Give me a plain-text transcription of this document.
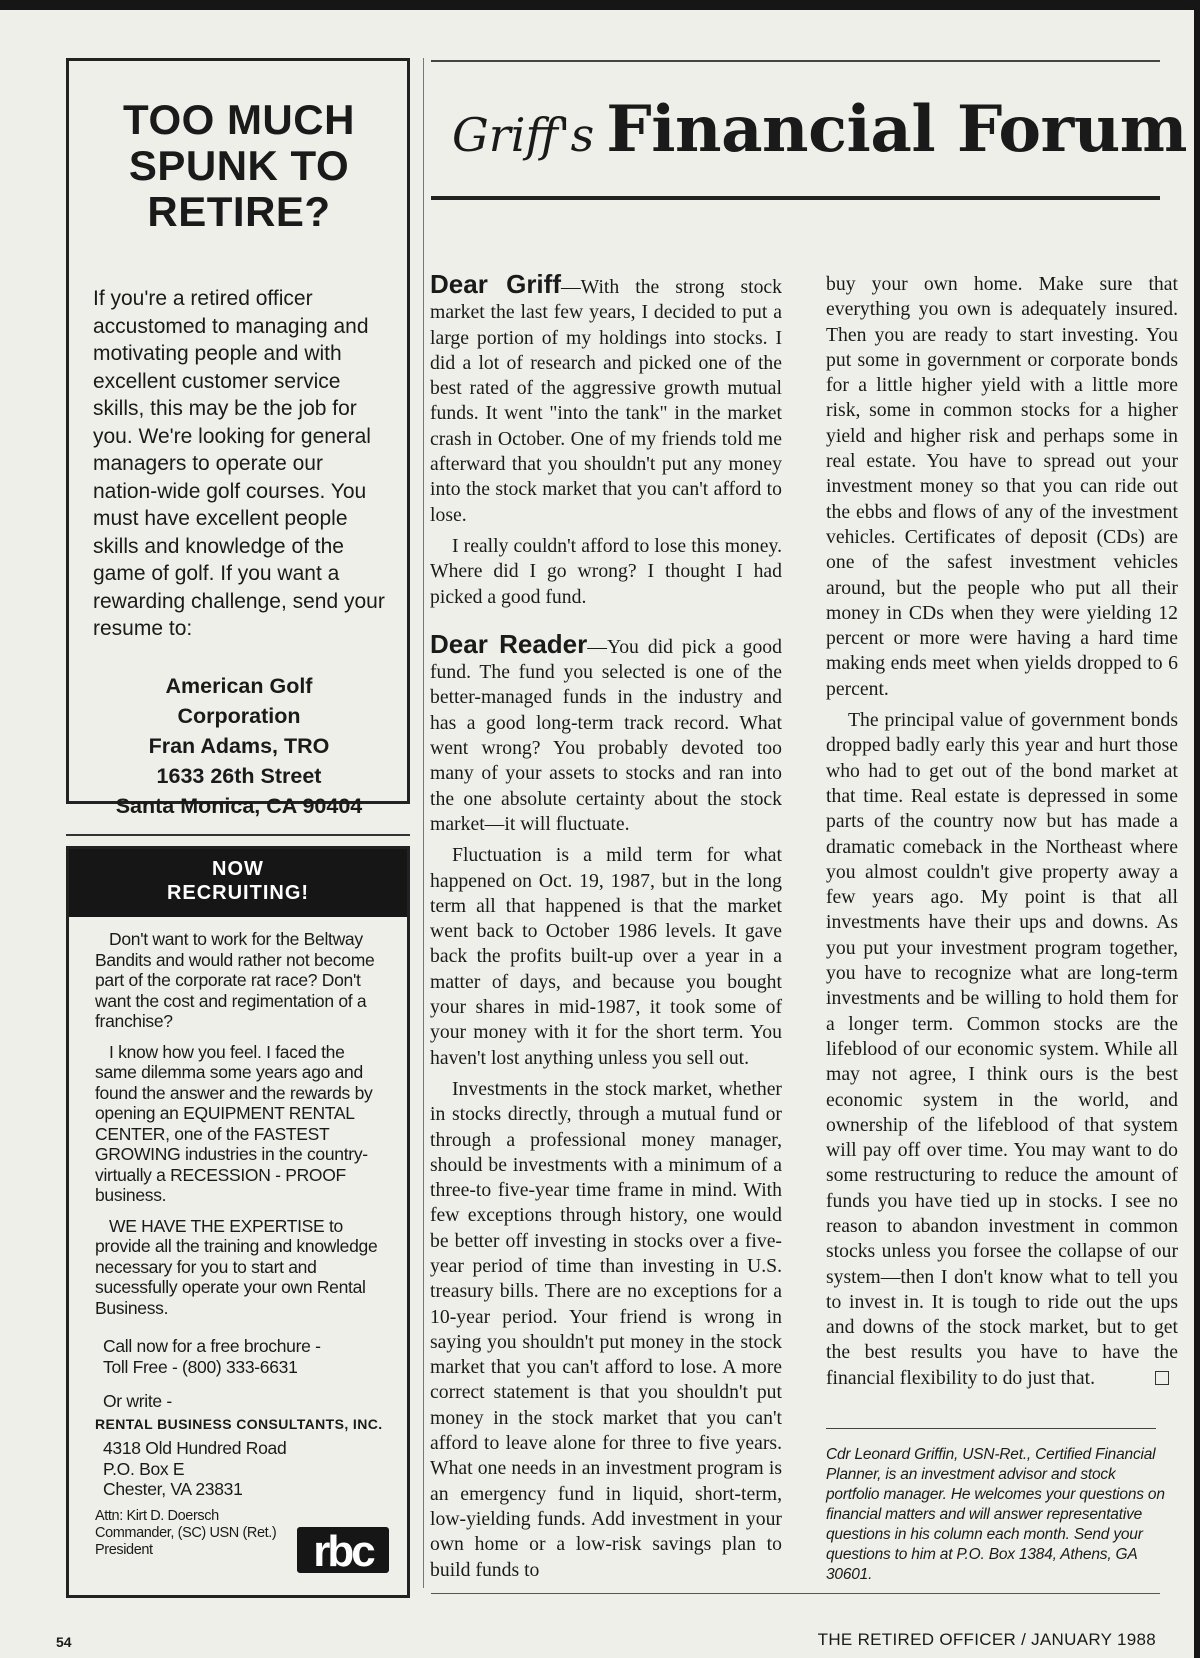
TOO MUCH
SPUNK TO
RETIRE?
If you're a retired officer accustomed to managing and motivating people and with excellent customer service skills, this may be the job for you. We're looking for general managers to operate our nation-wide golf courses. You must have excellent people skills and knowledge of the game of golf. If you want a rewarding challenge, send your resume to:
American Golf
Corporation
Fran Adams, TRO
1633 26th Street
Santa Monica, CA 90404
NOW
RECRUITING!

Don't want to work for the Beltway Bandits and would rather not become part of the corporate rat race? Don't want the cost and regimentation of a franchise?

I know how you feel. I faced the same dilemma some years ago and found the answer and the rewards by opening an EQUIPMENT RENTAL CENTER, one of the FASTEST GROWING industries in the country-virtually a RECESSION - PROOF business.

WE HAVE THE EXPERTISE to provide all the training and knowledge necessary for you to start and sucessfully operate your own Rental Business.

Call now for a free brochure -
Toll Free - (800) 333-6631
Or write -
RENTAL BUSINESS CONSULTANTS, INC.
4318 Old Hundred Road
P.O. Box E
Chester, VA 23831
Attn: Kirt D. Doersch
Commander, (SC) USN (Ret.)
President	rbc
Griff's Financial Forum

Dear Griff—With the strong stock market the last few years, I decided to put a large portion of my holdings into stocks. I did a lot of research and picked one of the best rated of the aggressive growth mutual funds. It went "into the tank" in the market crash in October. One of my friends told me afterward that you shouldn't put any money into the stock market that you can't afford to lose.

I really couldn't afford to lose this money. Where did I go wrong? I thought I had picked a good fund.

Dear Reader—You did pick a good fund. The fund you selected is one of the better-managed funds in the industry and has a good long-term track record. What went wrong? You probably devoted too many of your assets to stocks and ran into the one absolute certainty about the stock market—it will fluctuate.

Fluctuation is a mild term for what happened on Oct. 19, 1987, but in the long term all that happened is that the market went back to October 1986 levels. It gave back the profits built-up over a year in a matter of days, and because you bought your shares in mid-1987, it took some of your money with it for the short term. You haven't lost anything unless you sell out.

Investments in the stock market, whether in stocks directly, through a mutual fund or through a professional money manager, should be investments with a minimum of a three-to five-year time frame in mind. With few exceptions through history, one would be better off investing in stocks over a five-year period of time than investing in U.S. treasury bills. There are no exceptions for a 10-year period. Your friend is wrong in saying you shouldn't put money in the stock market that you can't afford to lose. A more correct statement is that you shouldn't put money in the stock market that you can't afford to leave alone for three to five years. What one needs in an investment program is an emergency fund in liquid, short-term, low-yielding funds. Add investment in your own home or a low-risk savings plan to build funds to

buy your own home. Make sure that everything you own is adequately insured. Then you are ready to start investing. You put some in government or corporate bonds for a little higher yield with a little more risk, some in common stocks for a higher yield and higher risk and perhaps some in real estate. You have to spread out your investment money so that you can ride out the ebbs and flows of any of the investment vehicles. Certificates of deposit (CDs) are one of the safest investment vehicles around, but the people who put all their money in CDs when they were yielding 12 percent or more were having a hard time making ends meet when yields dropped to 6 percent.

The principal value of government bonds dropped badly early this year and hurt those who had to get out of the bond market at that time. Real estate is depressed in some parts of the country now but has made a dramatic comeback in the Northeast where you almost couldn't give property away a few years ago. My point is that all investments have their ups and downs. As you put your investment program together, you have to recognize what are long-term investments and be willing to hold them for a longer term. Common stocks are the lifeblood of our economic system. While all may not agree, I think ours is the best economic system in the world, and ownership of the lifeblood of that system will pay off over time. You may want to do some restructuring to reduce the amount of funds you have tied up in stocks. I see no reason to abandon investment in common stocks unless you forsee the collapse of our system—then I don't know what to tell you to invest in. It is tough to ride out the ups and downs of the stock market, but to get the best results you have to have the financial flexibility to do just that.

Cdr Leonard Griffin, USN-Ret., Certified Financial Planner, is an investment advisor and stock portfolio manager. He welcomes your questions on financial matters and will answer representative questions in his column each month. Send your questions to him at P.O. Box 1384, Athens, GA 30601.
54	THE RETIRED OFFICER / JANUARY 1988
